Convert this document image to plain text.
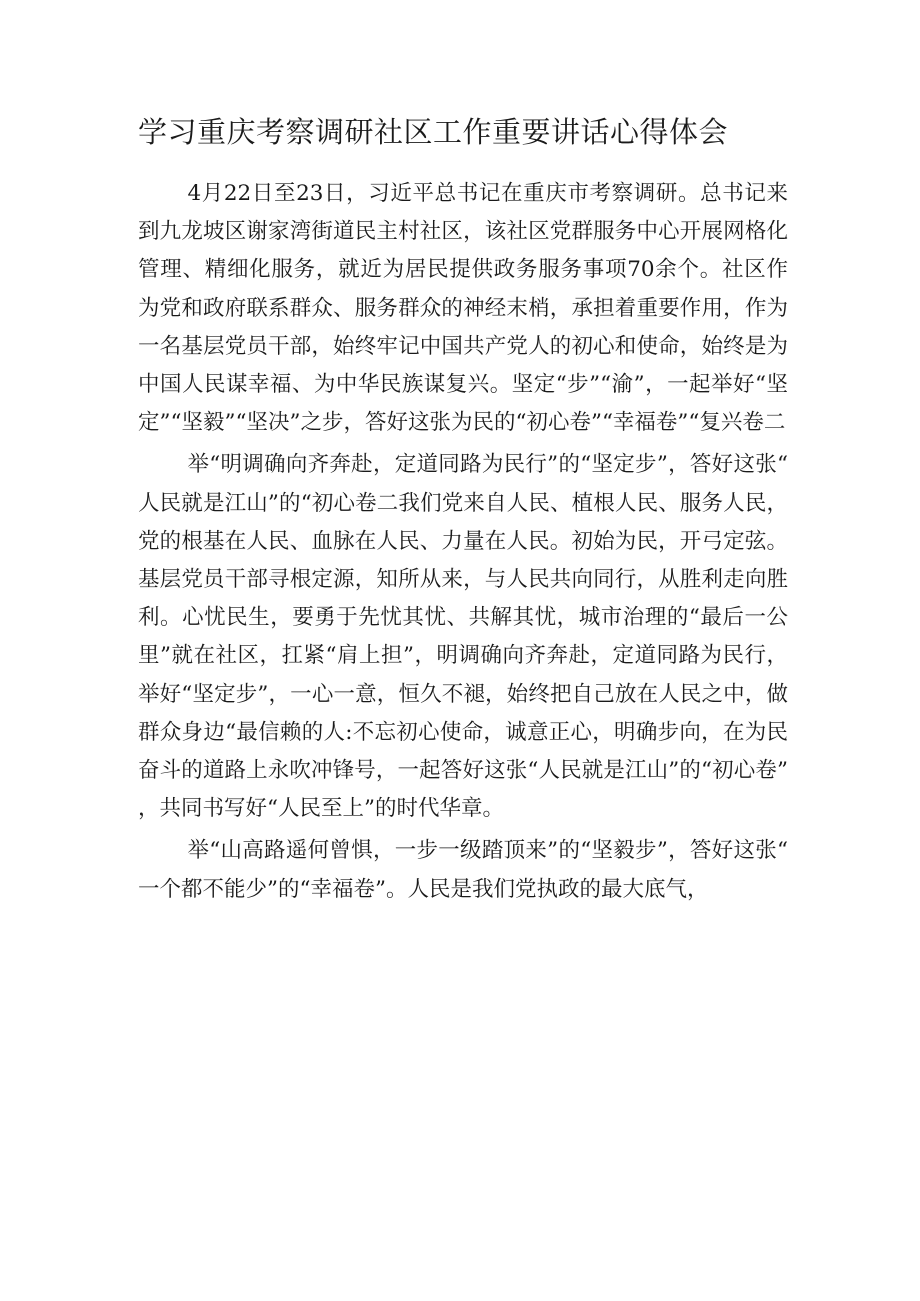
学习重庆考察调研社区工作重要讲话心得体会

4月22日至23日，习近平总书记在重庆市考察调研。总书记来到九龙坡区谢家湾街道民主村社区，该社区党群服务中心开展网格化管理、精细化服务，就近为居民提供政务服务事项70余个。社区作为党和政府联系群众、服务群众的神经末梢，承担着重要作用，作为一名基层党员干部，始终牢记中国共产党人的初心和使命，始终是为中国人民谋幸福、为中华民族谋复兴。坚定“步”“渝”，一起举好“坚定”“坚毅”“坚决”之步，答好这张为民的“初心卷”“幸福卷”“复兴卷二

举“明调确向齐奔赴，定道同路为民行”的“坚定步”，答好这张“人民就是江山”的“初心卷二我们党来自人民、植根人民、服务人民，党的根基在人民、血脉在人民、力量在人民。初始为民，开弓定弦。基层党员干部寻根定源，知所从来，与人民共向同行，从胜利走向胜利。心忧民生，要勇于先忧其忧、共解其忧，城市治理的“最后一公里”就在社区，扛紧“肩上担”，明调确向齐奔赴，定道同路为民行，举好“坚定步”，一心一意，恒久不褪，始终把自己放在人民之中，做群众身边“最信赖的人:不忘初心使命，诚意正心，明确步向，在为民奋斗的道路上永吹冲锋号，一起答好这张“人民就是江山”的“初心卷”，共同书写好“人民至上”的时代华章。

举“山高路遥何曾惧，一步一级踏顶来”的“坚毅步”，答好这张“一个都不能少”的“幸福卷”。人民是我们党执政的最大底气，
